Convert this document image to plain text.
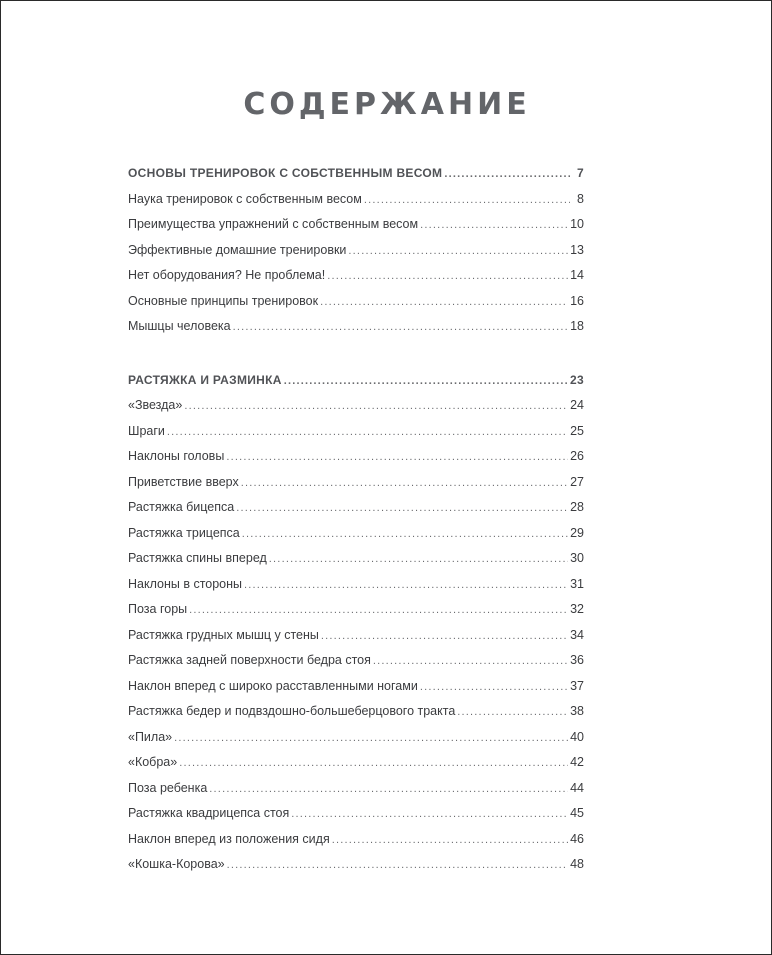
СОДЕРЖАНИЕ
ОСНОВЫ ТРЕНИРОВОК С СОБСТВЕННЫМ ВЕСОМ .....	7
Наука тренировок с собственным весом .....	8
Преимущества упражнений с собственным весом .....	10
Эффективные домашние тренировки .....	13
Нет оборудования? Не проблема! .....	14
Основные принципы тренировок .....	16
Мышцы человека .....	18
РАСТЯЖКА И РАЗМИНКА .....	23
«Звезда» .....	24
Шраги .....	25
Наклоны головы .....	26
Приветствие вверх .....	27
Растяжка бицепса .....	28
Растяжка трицепса .....	29
Растяжка спины вперед .....	30
Наклоны в стороны .....	31
Поза горы .....	32
Растяжка грудных мышц у стены .....	34
Растяжка задней поверхности бедра стоя .....	36
Наклон вперед с широко расставленными ногами .....	37
Растяжка бедер и подвздошно-большеберцового тракта .....	38
«Пила» .....	40
«Кобра» .....	42
Поза ребенка .....	44
Растяжка квадрицепса стоя .....	45
Наклон вперед из положения сидя .....	46
«Кошка-Корова» .....	48
